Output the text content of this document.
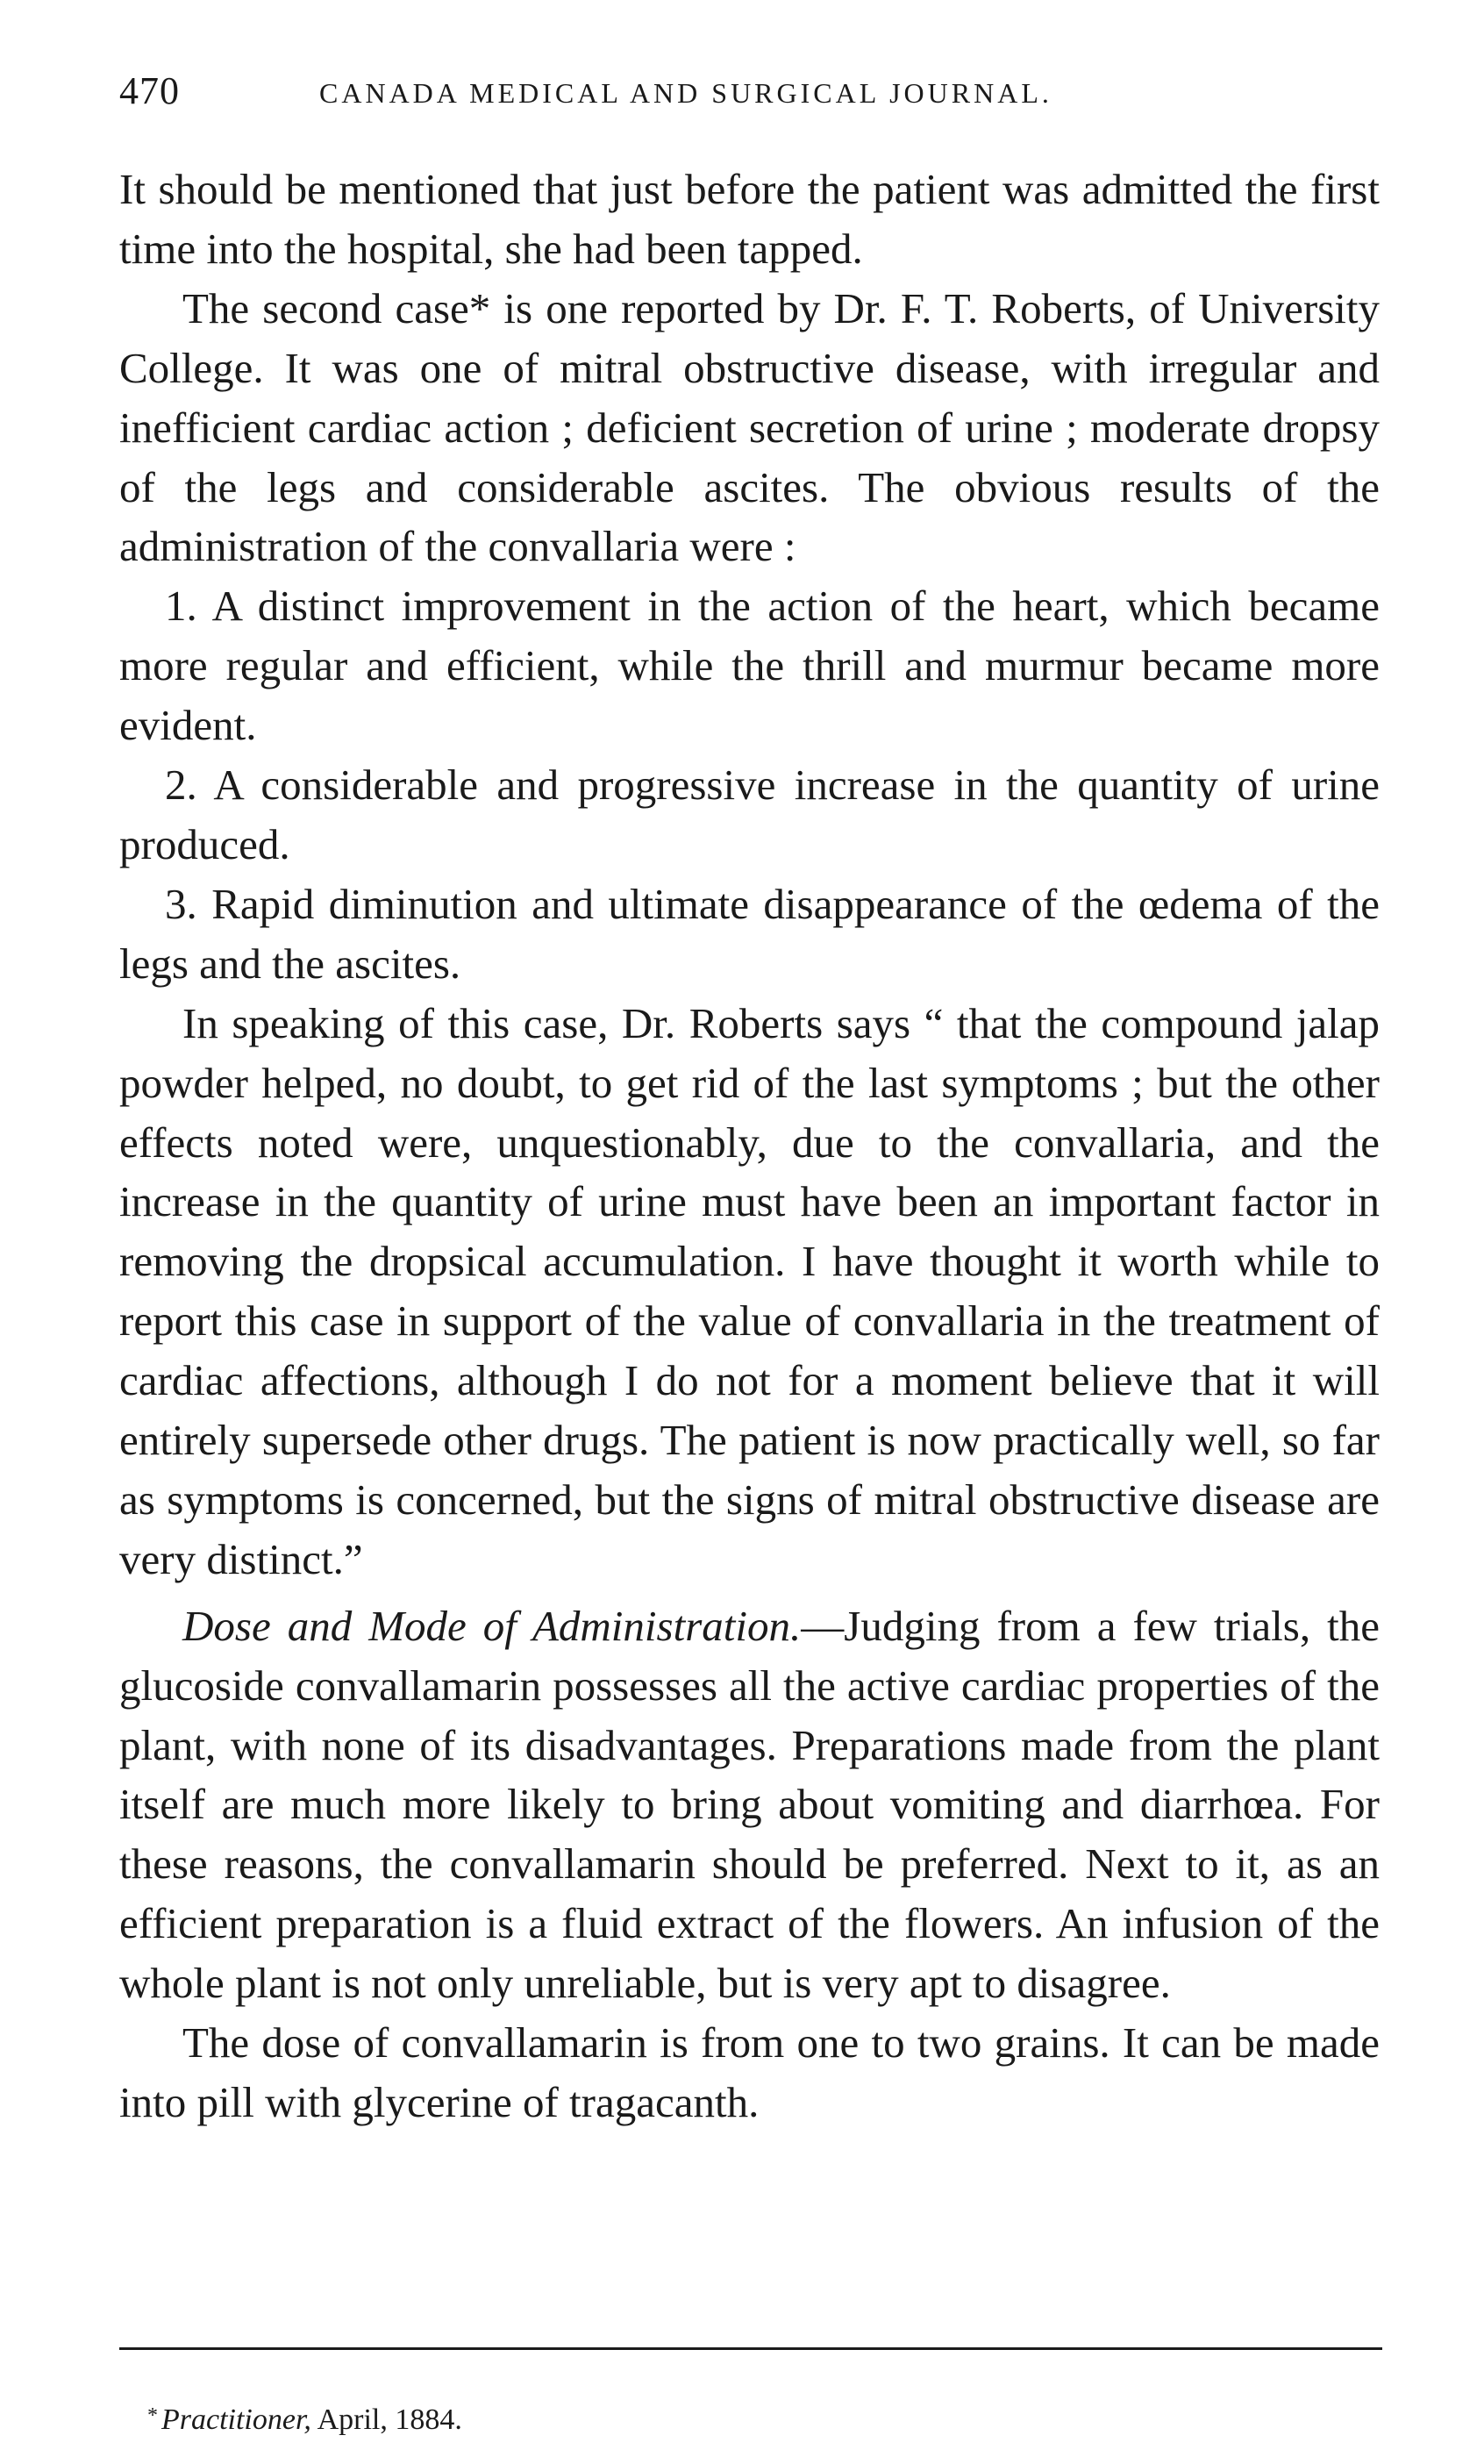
470	CANADA MEDICAL AND SURGICAL JOURNAL.

It should be mentioned that just before the patient was admitted the first time into the hospital, she had been tapped.

The second case* is one reported by Dr. F. T. Roberts, of University College. It was one of mitral obstructive disease, with irregular and inefficient cardiac action ; deficient secretion of urine ; moderate dropsy of the legs and considerable ascites. The obvious results of the administration of the convallaria were :

1. A distinct improvement in the action of the heart, which became more regular and efficient, while the thrill and murmur became more evident.

2. A considerable and progressive increase in the quantity of urine produced.

3. Rapid diminution and ultimate disappearance of the œdema of the legs and the ascites.

In speaking of this case, Dr. Roberts says “ that the compound jalap powder helped, no doubt, to get rid of the last symptoms ; but the other effects noted were, unquestionably, due to the convallaria, and the increase in the quantity of urine must have been an important factor in removing the dropsical accumulation. I have thought it worth while to report this case in support of the value of convallaria in the treatment of cardiac affections, although I do not for a moment believe that it will entirely supersede other drugs. The patient is now practically well, so far as symptoms is concerned, but the signs of mitral obstructive disease are very distinct.”

Dose and Mode of Administration.—Judging from a few trials, the glucoside convallamarin possesses all the active cardiac properties of the plant, with none of its disadvantages. Preparations made from the plant itself are much more likely to bring about vomiting and diarrhœa. For these reasons, the convallamarin should be preferred. Next to it, as an efficient preparation is a fluid extract of the flowers. An infusion of the whole plant is not only unreliable, but is very apt to disagree.

The dose of convallamarin is from one to two grains. It can be made into pill with glycerine of tragacanth.

* Practitioner, April, 1884.
